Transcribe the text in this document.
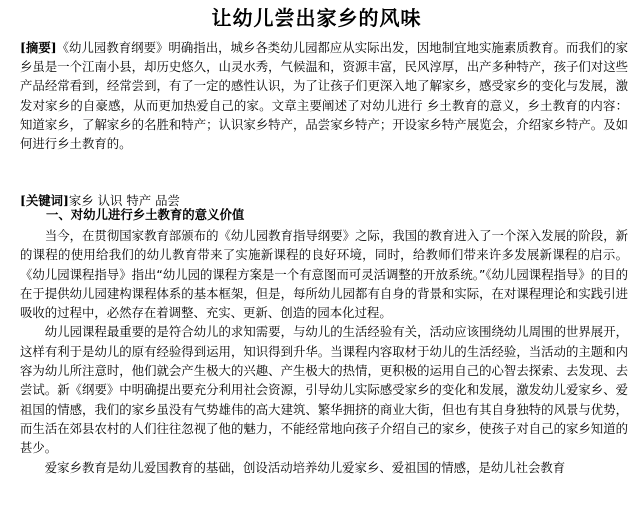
让幼儿尝出家乡的风味
[摘要]《幼儿园教育纲要》明确指出，城乡各类幼儿园都应从实际出发，因地制宜地实施素质教育。而我们的家乡虽是一个江南小县，却历史悠久，山灵水秀，气候温和，资源丰富，民风淳厚，出产多种特产，孩子们对这些产品经常看到，经常尝到，有了一定的感性认识，为了让孩子们更深入地了解家乡，感受家乡的变化与发展，激发对家乡的自豪感，从而更加热爱自己的家。文章主要阐述了对幼儿进行 乡土教育的意义，乡土教育的内容：知道家乡，了解家乡的名胜和特产；认识家乡特产，品尝家乡特产；开设家乡特产展览会，介绍家乡特产。及如何进行乡土教育的。
[关键词]家乡 认识 特产 品尝
一、对幼儿进行乡土教育的意义价值

当今，在贯彻国家教育部颁布的《幼儿园教育指导纲要》之际，我国的教育进入了一个深入发展的阶段，新的课程的使用给我们的幼儿教育带来了实施新课程的良好环境，同时，给教师们带来许多发展新课程的启示。《幼儿园课程指导》指出“幼儿园的课程方案是一个有意图而可灵活调整的开放系统。”《幼儿园课程指导》的目的在于提供幼儿园建构课程体系的基本框架，但是，每所幼儿园都有自身的背景和实际，在对课程理论和实践引进吸收的过程中，必然存在着调整、充实、更新、创造的园本化过程。

幼儿园课程最重要的是符合幼儿的求知需要，与幼儿的生活经验有关，活动应该围绕幼儿周围的世界展开，这样有利于是幼儿的原有经验得到运用，知识得到升华。当课程内容取材于幼儿的生活经验，当活动的主题和内容为幼儿所注意时，他们就会产生极大的兴趣、产生极大的热情，更积极的运用自己的心智去探索、去发现、去尝试。新《纲要》中明确提出要充分利用社会资源，引导幼儿实际感受家乡的变化和发展，激发幼儿爱家乡、爱祖国的情感，我们的家乡虽没有气势雄伟的高大建筑、繁华拥挤的商业大街，但也有其自身独特的风景与优势，而生活在郊县农村的人们往往忽视了他的魅力，不能经常地向孩子介绍自己的家乡，使孩子对自己的家乡知道的甚少。

爱家乡教育是幼儿爱国教育的基础，创设活动培养幼儿爱家乡、爱祖国的情感，是幼儿社会教育
